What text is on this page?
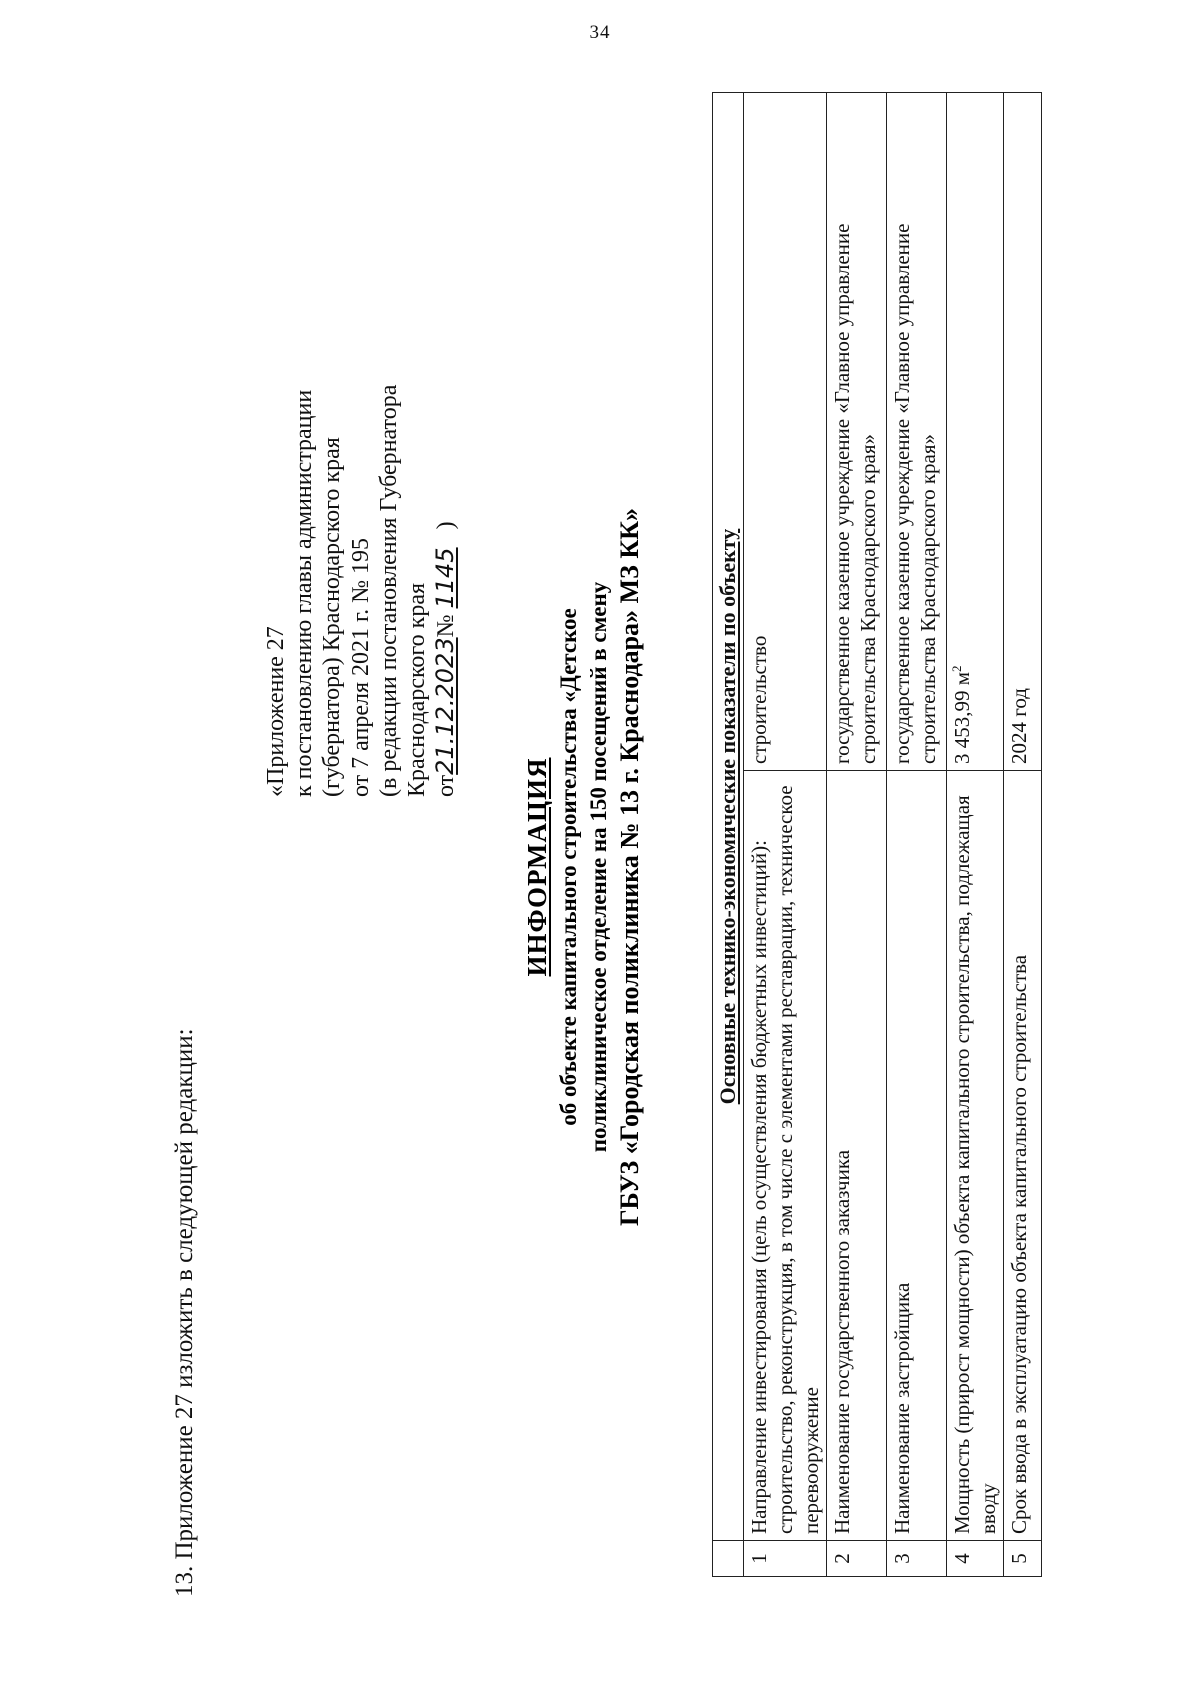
34
13. Приложение 27 изложить в следующей редакции:
«Приложение 27 к постановлению главы администрации (губернатора) Краснодарского края от 7 апреля 2021 г. № 195 (в редакции постановления Губернатора Краснодарского края от21.12.2023№ 1145   )
ИНФОРМАЦИЯ об объекте капитального строительства «Детское поликлиническое отделение на 150 посещений в смену ГБУЗ «Городская поликлиника № 13 г. Краснодара» МЗ КК»
		Основные технико-экономические показатели по объекту	
1	Направление инвестирования (цель осуществления бюджетных инвестиций): строительство, реконструкция, в том числе с элементами реставрации, техническое перевооружение	строительство
2	Наименование государственного заказчика	государственное казенное учреждение «Главное управление строительства Краснодарского края»
3	Наименование застройщика	государственное казенное учреждение «Главное управление строительства Краснодарского края»
4	Мощность (прирост мощности) объекта капитального строительства, подлежащая вводу	3 453,99 $м^2$
5	Срок ввода в эксплуатацию объекта капитального строительства	2024 год
